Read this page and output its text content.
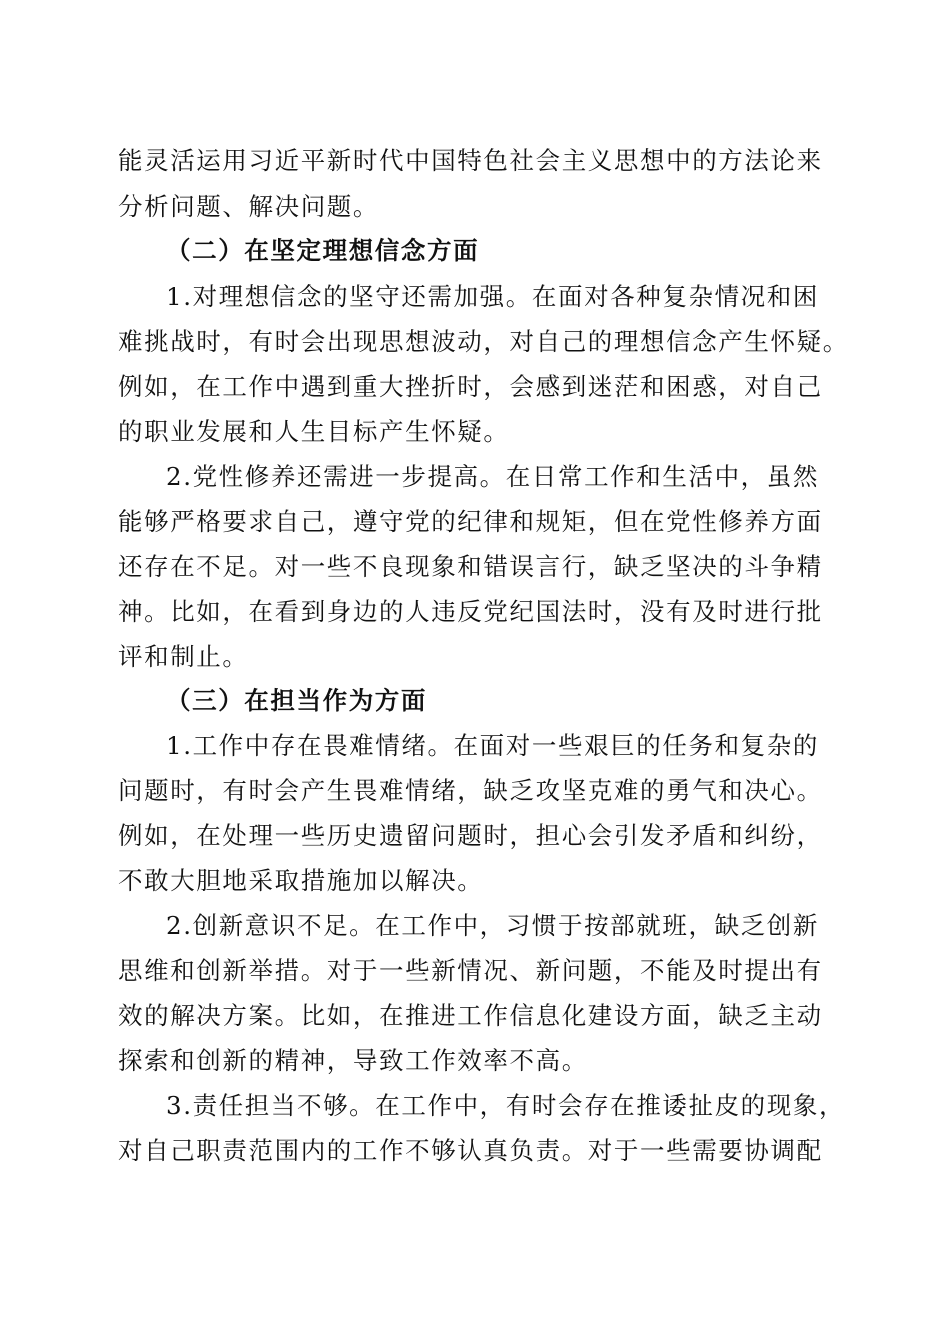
能灵活运用习近平新时代中国特色社会主义思想中的方法论来
分析问题、解决问题。
（二）在坚定理想信念方面
1.对理想信念的坚守还需加强。在面对各种复杂情况和困
难挑战时，有时会出现思想波动，对自己的理想信念产生怀疑。
例如，在工作中遇到重大挫折时，会感到迷茫和困惑，对自己
的职业发展和人生目标产生怀疑。
2.党性修养还需进一步提高。在日常工作和生活中，虽然
能够严格要求自己，遵守党的纪律和规矩，但在党性修养方面
还存在不足。对一些不良现象和错误言行，缺乏坚决的斗争精
神。比如，在看到身边的人违反党纪国法时，没有及时进行批
评和制止。
（三）在担当作为方面
1.工作中存在畏难情绪。在面对一些艰巨的任务和复杂的
问题时，有时会产生畏难情绪，缺乏攻坚克难的勇气和决心。
例如，在处理一些历史遗留问题时，担心会引发矛盾和纠纷，
不敢大胆地采取措施加以解决。
2.创新意识不足。在工作中，习惯于按部就班，缺乏创新
思维和创新举措。对于一些新情况、新问题，不能及时提出有
效的解决方案。比如，在推进工作信息化建设方面，缺乏主动
探索和创新的精神，导致工作效率不高。
3.责任担当不够。在工作中，有时会存在推诿扯皮的现象，
对自己职责范围内的工作不够认真负责。对于一些需要协调配
